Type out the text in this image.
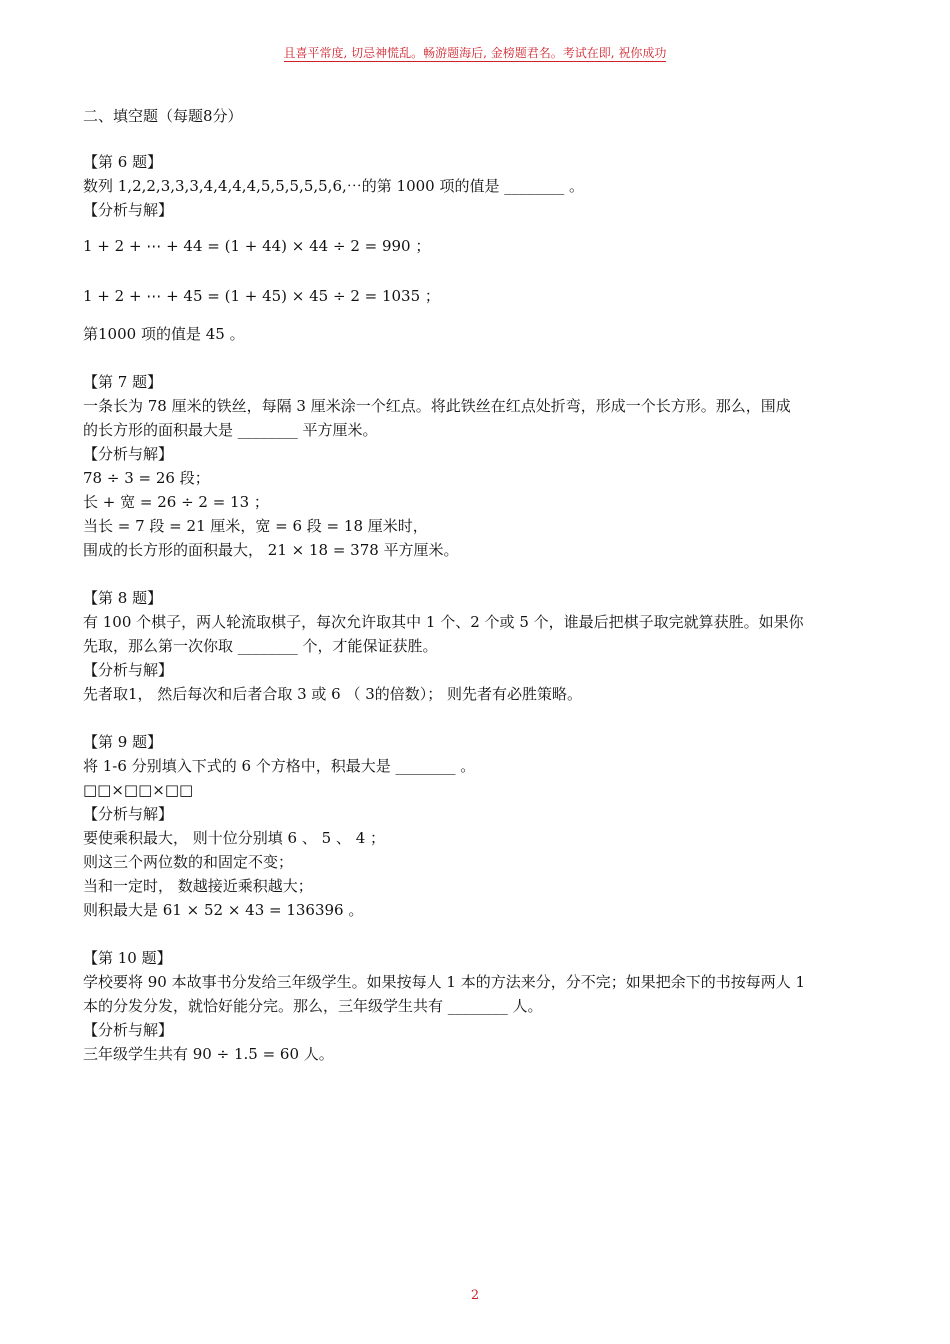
且喜平常度, 切忌神慌乱。畅游题海后, 金榜题君名。考试在即, 祝你成功
二、填空题（每题8分）
【第 6 题】
数列 1,2,2,3,3,3,4,4,4,4,5,5,5,5,5,6,⋯的第 1000 项的值是 ________ 。
【分析与解】
1 + 2 + ⋯ + 44 = (1 + 44) × 44 ÷ 2 = 990 ；
1 + 2 + ⋯ + 45 = (1 + 45) × 45 ÷ 2 = 1035 ；
第1000 项的值是 45 。
【第 7 题】
一条长为 78 厘米的铁丝，每隔 3 厘米涂一个红点。将此铁丝在红点处折弯，形成一个长方形。那么，围成
的长方形的面积最大是 ________ 平方厘米。
【分析与解】
78 ÷ 3 = 26 段；
长 + 宽 = 26 ÷ 2 = 13 ；
当长 = 7 段 = 21 厘米，宽 = 6 段 = 18 厘米时，
围成的长方形的面积最大， 21 × 18 = 378 平方厘米。
【第 8 题】
有 100 个棋子，两人轮流取棋子，每次允许取其中 1 个、2 个或 5 个，谁最后把棋子取完就算获胜。如果你
先取，那么第一次你取 ________ 个，才能保证获胜。
【分析与解】
先者取1， 然后每次和后者合取 3 或 6 （ 3的倍数）； 则先者有必胜策略。
【第 9 题】
将 1-6 分别填入下式的 6 个方格中，积最大是 ________ 。
□□×□□×□□
【分析与解】
要使乘积最大， 则十位分别填 6 、 5 、 4 ；
则这三个两位数的和固定不变；
当和一定时， 数越接近乘积越大；
则积最大是 61 × 52 × 43 = 136396 。
【第 10 题】
学校要将 90 本故事书分发给三年级学生。如果按每人 1 本的方法来分，分不完；如果把余下的书按每两人 1
本的分发分发，就恰好能分完。那么，三年级学生共有 ________ 人。
【分析与解】
三年级学生共有 90 ÷ 1.5 = 60 人。
2
